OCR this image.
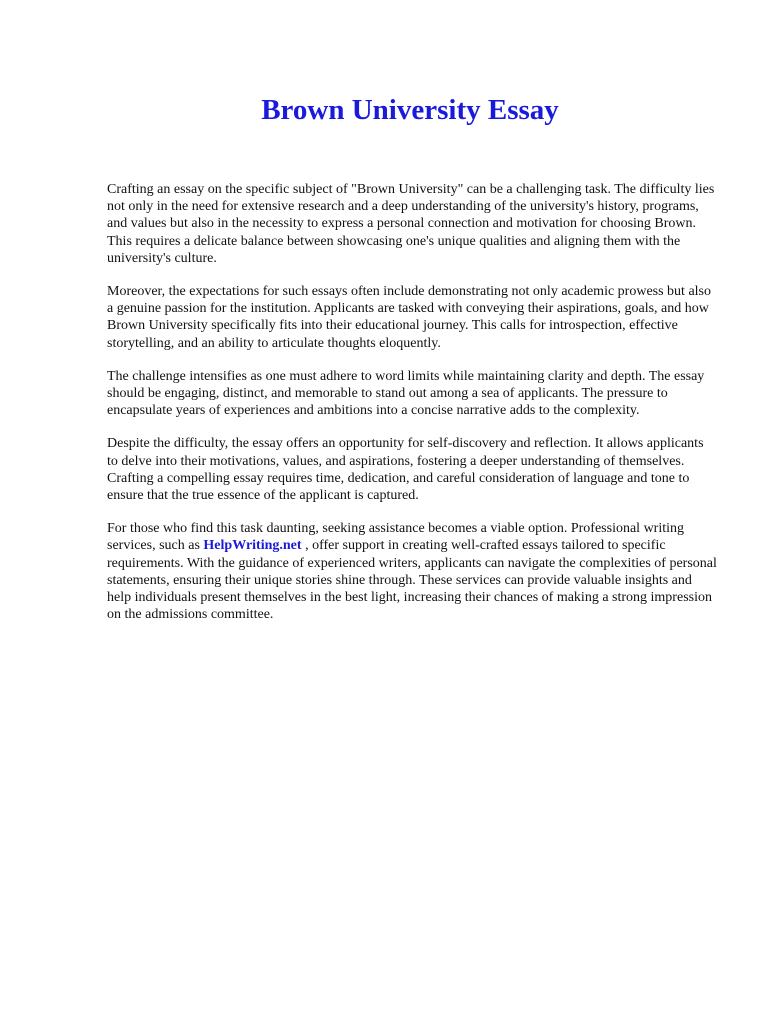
Brown University Essay

Crafting an essay on the specific subject of "Brown University" can be a challenging task. The difficulty lies not only in the need for extensive research and a deep understanding of the university's history, programs, and values but also in the necessity to express a personal connection and motivation for choosing Brown. This requires a delicate balance between showcasing one's unique qualities and aligning them with the university's culture.

Moreover, the expectations for such essays often include demonstrating not only academic prowess but also a genuine passion for the institution. Applicants are tasked with conveying their aspirations, goals, and how Brown University specifically fits into their educational journey. This calls for introspection, effective storytelling, and an ability to articulate thoughts eloquently.

The challenge intensifies as one must adhere to word limits while maintaining clarity and depth. The essay should be engaging, distinct, and memorable to stand out among a sea of applicants. The pressure to encapsulate years of experiences and ambitions into a concise narrative adds to the complexity.

Despite the difficulty, the essay offers an opportunity for self-discovery and reflection. It allows applicants to delve into their motivations, values, and aspirations, fostering a deeper understanding of themselves. Crafting a compelling essay requires time, dedication, and careful consideration of language and tone to ensure that the true essence of the applicant is captured.

For those who find this task daunting, seeking assistance becomes a viable option. Professional writing services, such as HelpWriting.net , offer support in creating well-crafted essays tailored to specific requirements. With the guidance of experienced writers, applicants can navigate the complexities of personal statements, ensuring their unique stories shine through. These services can provide valuable insights and help individuals present themselves in the best light, increasing their chances of making a strong impression on the admissions committee.
